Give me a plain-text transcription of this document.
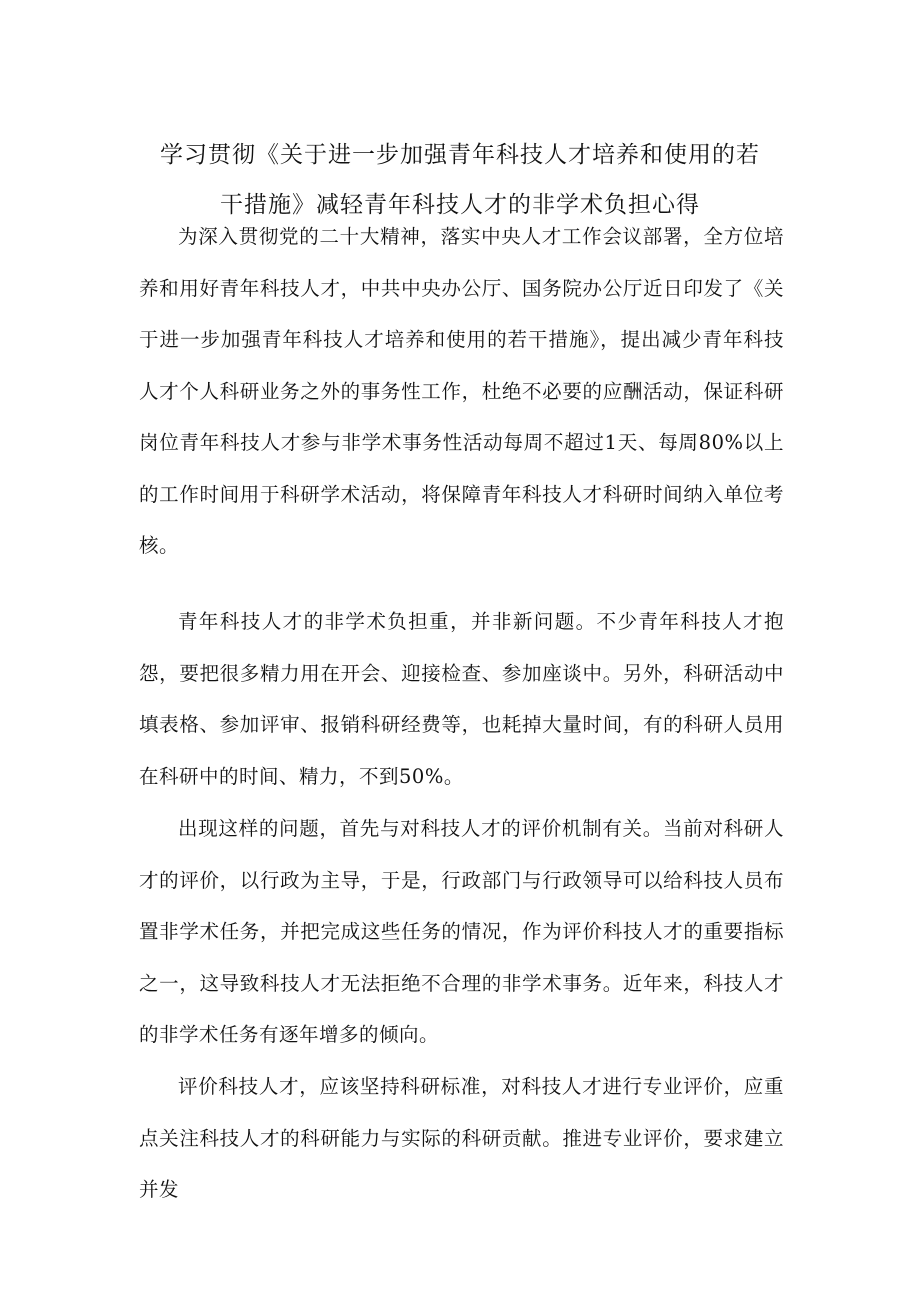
学习贯彻《关于进一步加强青年科技人才培养和使用的若
干措施》减轻青年科技人才的非学术负担心得

为深入贯彻党的二十大精神，落实中央人才工作会议部署，全方位培养和用好青年科技人才，中共中央办公厅、国务院办公厅近日印发了《关于进一步加强青年科技人才培养和使用的若干措施》，提出减少青年科技人才个人科研业务之外的事务性工作，杜绝不必要的应酬活动，保证科研岗位青年科技人才参与非学术事务性活动每周不超过1天、每周80%以上的工作时间用于科研学术活动，将保障青年科技人才科研时间纳入单位考核。

青年科技人才的非学术负担重，并非新问题。不少青年科技人才抱怨，要把很多精力用在开会、迎接检查、参加座谈中。另外，科研活动中填表格、参加评审、报销科研经费等，也耗掉大量时间，有的科研人员用在科研中的时间、精力，不到50%。

出现这样的问题，首先与对科技人才的评价机制有关。当前对科研人才的评价，以行政为主导，于是，行政部门与行政领导可以给科技人员布置非学术任务，并把完成这些任务的情况，作为评价科技人才的重要指标之一，这导致科技人才无法拒绝不合理的非学术事务。近年来，科技人才的非学术任务有逐年增多的倾向。

评价科技人才，应该坚持科研标准，对科技人才进行专业评价，应重点关注科技人才的科研能力与实际的科研贡献。推进专业评价，要求建立并发
